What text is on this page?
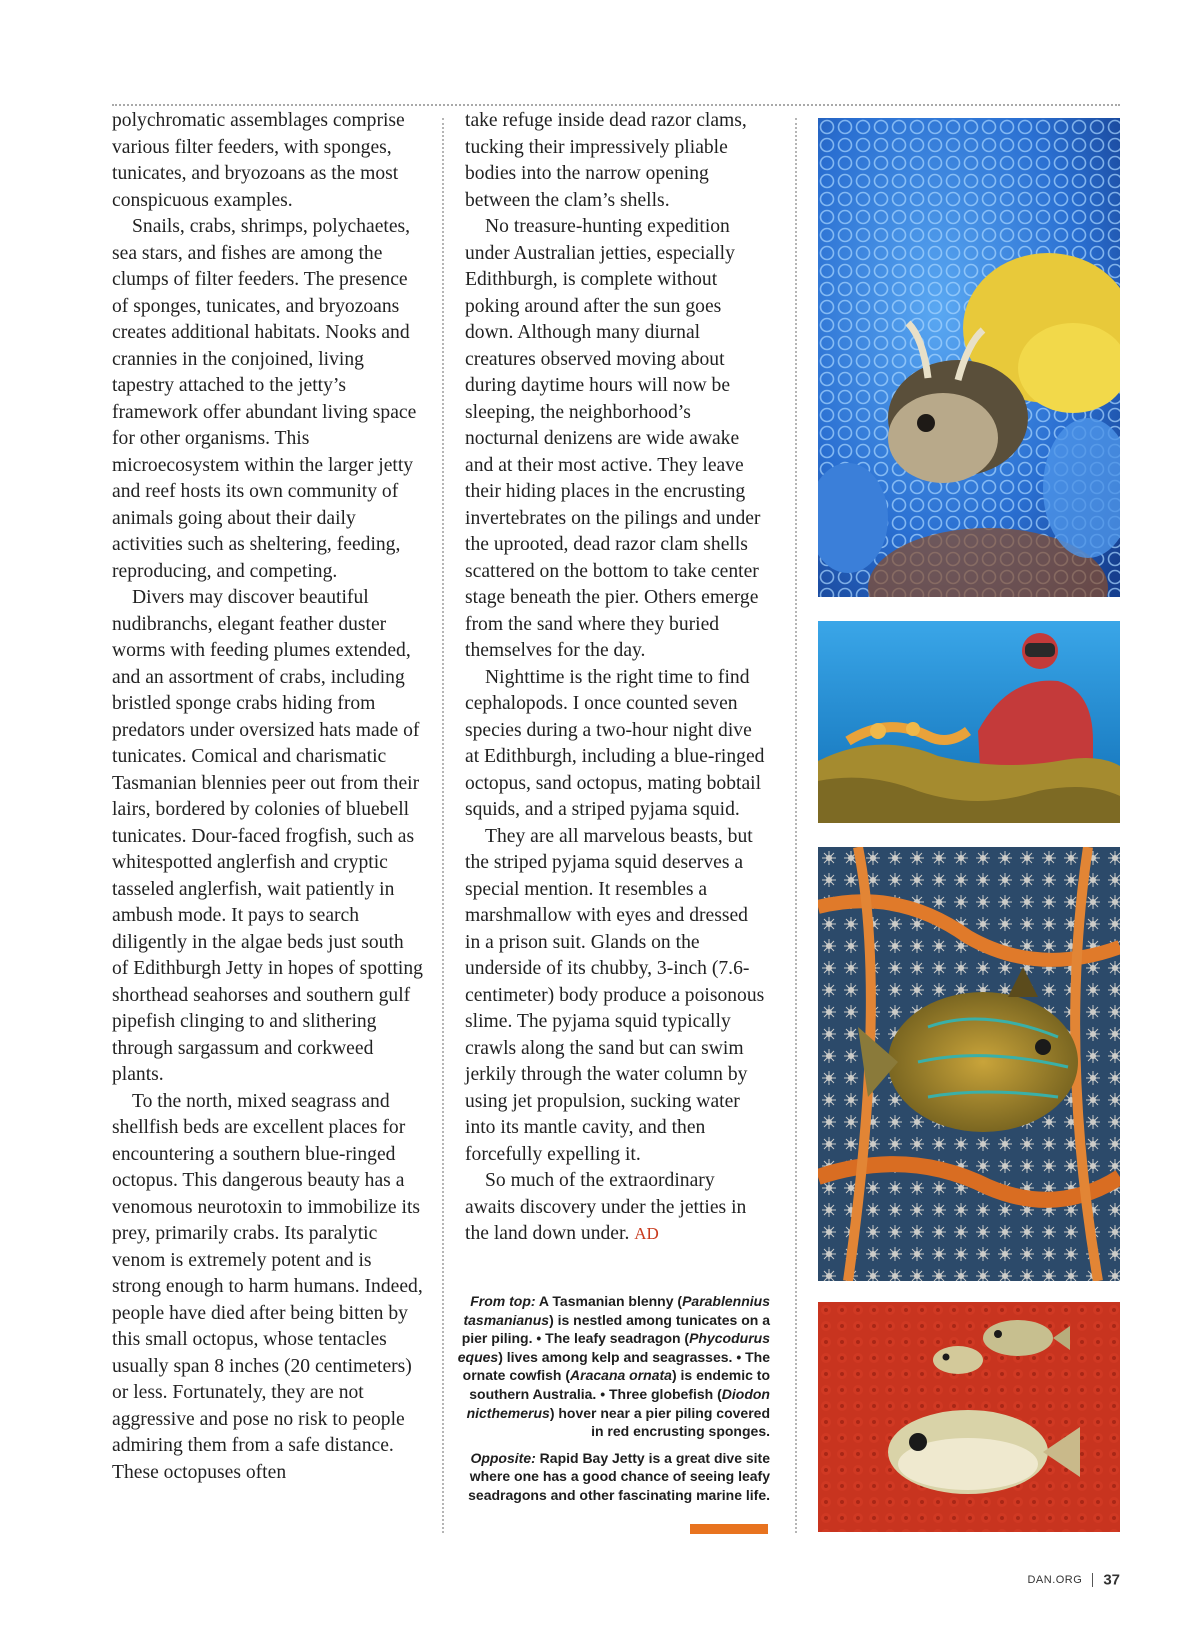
polychromatic assemblages comprise various filter feeders, with sponges, tunicates, and bryozoans as the most conspicuous examples.

Snails, crabs, shrimps, polychaetes, sea stars, and fishes are among the clumps of filter feeders. The presence of sponges, tunicates, and bryozoans creates additional habitats. Nooks and crannies in the conjoined, living tapestry attached to the jetty’s framework offer abundant living space for other organisms. This microecosystem within the larger jetty and reef hosts its own community of animals going about their daily activities such as sheltering, feeding, reproducing, and competing.

Divers may discover beautiful nudibranchs, elegant feather duster worms with feeding plumes extended, and an assortment of crabs, including bristled sponge crabs hiding from predators under oversized hats made of tunicates. Comical and charismatic Tasmanian blennies peer out from their lairs, bordered by colonies of bluebell tunicates. Dour-faced frogfish, such as whitespotted anglerfish and cryptic tasseled anglerfish, wait patiently in ambush mode. It pays to search diligently in the algae beds just south of Edithburgh Jetty in hopes of spotting shorthead seahorses and southern gulf pipefish clinging to and slithering through sargassum and corkweed plants.

To the north, mixed seagrass and shellfish beds are excellent places for encountering a southern blue-ringed octopus. This dangerous beauty has a venomous neurotoxin to immobilize its prey, primarily crabs. Its paralytic venom is extremely potent and is strong enough to harm humans. Indeed, people have died after being bitten by this small octopus, whose tentacles usually span 8 inches (20 centimeters) or less. Fortunately, they are not aggressive and pose no risk to people admiring them from a safe distance. These octopuses often

take refuge inside dead razor clams, tucking their impressively pliable bodies into the narrow opening between the clam’s shells.

No treasure-hunting expedition under Australian jetties, especially Edithburgh, is complete without poking around after the sun goes down. Although many diurnal creatures observed moving about during daytime hours will now be sleeping, the neighborhood’s nocturnal denizens are wide awake and at their most active. They leave their hiding places in the encrusting invertebrates on the pilings and under the uprooted, dead razor clam shells scattered on the bottom to take center stage beneath the pier. Others emerge from the sand where they buried themselves for the day.

Nighttime is the right time to find cephalopods. I once counted seven species during a two-hour night dive at Edithburgh, including a blue-ringed octopus, sand octopus, mating bobtail squids, and a striped pyjama squid.

They are all marvelous beasts, but the striped pyjama squid deserves a special mention. It resembles a marshmallow with eyes and dressed in a prison suit. Glands on the underside of its chubby, 3-inch (7.6-centimeter) body produce a poisonous slime. The pyjama squid typically crawls along the sand but can swim jerkily through the water column by using jet propulsion, sucking water into its mantle cavity, and then forcefully expelling it.

So much of the extraordinary awaits discovery under the jetties in the land down under. AD

From top: A Tasmanian blenny (Parablennius tasmanianus) is nestled among tunicates on a pier piling. • The leafy seadragon (Phycodurus eques) lives among kelp and seagrasses. • The ornate cowfish (Aracana ornata) is endemic to southern Australia. • Three globefish (Diodon nicthemerus) hover near a pier piling covered in red encrusting sponges.

Opposite: Rapid Bay Jetty is a great dive site where one has a good chance of seeing leafy seadragons and other fascinating marine life.

DAN.ORG 37
